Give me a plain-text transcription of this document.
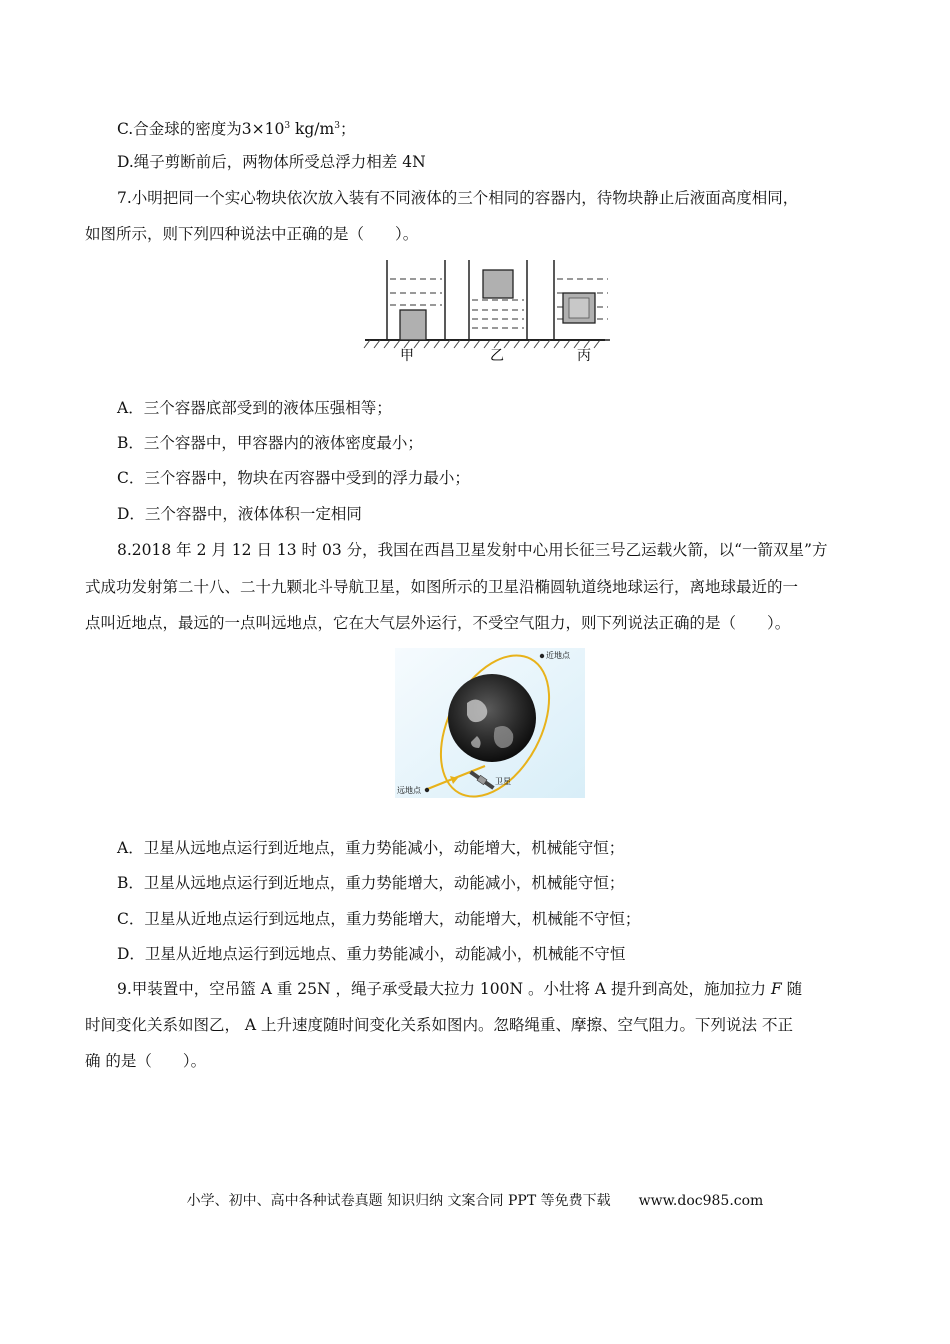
C.合金球的密度为$3\times 10^3$ $kg/m^3$；
D.绳子剪断前后，两物体所受总浮力相差 4N
7.小明把同一个实心物块依次放入装有不同液体的三个相同的容器内，待物块静止后液面高度相同，
如图所示，则下列四种说法中正确的是（　　）。
甲	乙	丙
A．三个容器底部受到的液体压强相等；
B．三个容器中，甲容器内的液体密度最小；
C．三个容器中，物块在丙容器中受到的浮力最小；
D．三个容器中，液体体积一定相同
8.2018 年 2 月 12 日 13 时 03 分，我国在西昌卫星发射中心用长征三号乙运载火箭，以“一箭双星”方
式成功发射第二十八、二十九颗北斗导航卫星，如图所示的卫星沿椭圆轨道绕地球运行，离地球最近的一
点叫近地点，最远的一点叫远地点，它在大气层外运行，不受空气阻力，则下列说法正确的是（　　）。
近地点
远地点
卫星
A．卫星从远地点运行到近地点，重力势能减小，动能增大，机械能守恒；
B．卫星从远地点运行到近地点，重力势能增大，动能减小，机械能守恒；
C．卫星从近地点运行到远地点，重力势能增大，动能增大，机械能不守恒；
D．卫星从近地点运行到远地点、重力势能减小，动能减小，机械能不守恒
9.甲装置中，空吊篮 A 重 25N ，绳子承受最大拉力 100N 。小壮将 A 提升到高处，施加拉力 F 随
时间变化关系如图乙， A 上升速度随时间变化关系如图内。忽略绳重、摩擦、空气阻力。下列说法 不正
确 的是（　　）。
小学、初中、高中各种试卷真题 知识归纳 文案合同 PPT 等免费下载 www.doc985.com
